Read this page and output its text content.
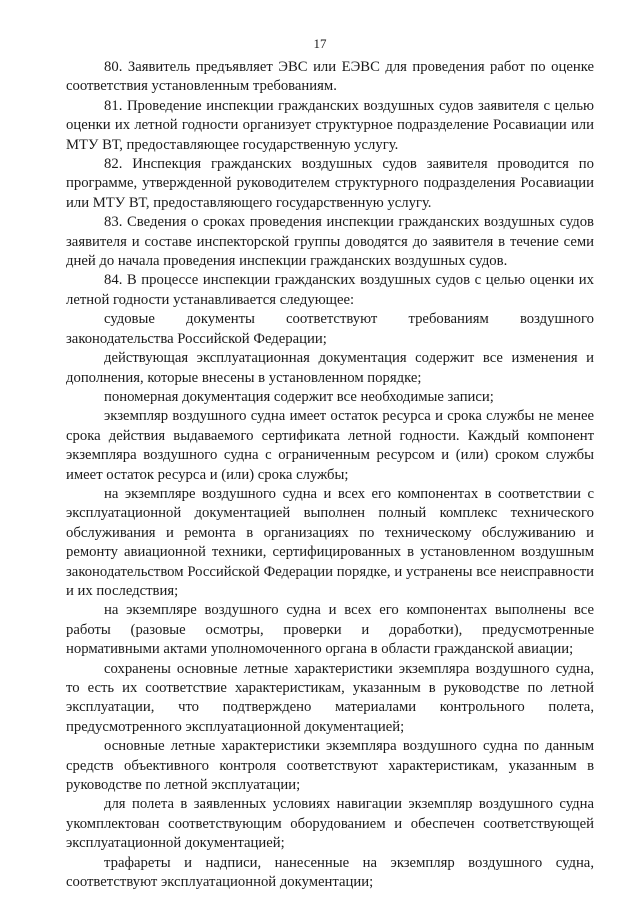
17

80. Заявитель предъявляет ЭВС или ЕЭВС для проведения работ по оценке соответствия установленным требованиям.

81. Проведение инспекции гражданских воздушных судов заявителя с целью оценки их летной годности организует структурное подразделение Росавиации или МТУ ВТ, предоставляющее государственную услугу.

82. Инспекция гражданских воздушных судов заявителя проводится по программе, утвержденной руководителем структурного подразделения Росавиации или МТУ ВТ, предоставляющего государственную услугу.

83. Сведения о сроках проведения инспекции гражданских воздушных судов заявителя и составе инспекторской группы доводятся до заявителя в течение семи дней до начала проведения инспекции гражданских воздушных судов.

84. В процессе инспекции гражданских воздушных судов с целью оценки их летной годности устанавливается следующее:

судовые документы соответствуют требованиям воздушного законодательства Российской Федерации;

действующая эксплуатационная документация содержит все изменения и дополнения, которые внесены в установленном порядке;

пономерная документация содержит все необходимые записи;

экземпляр воздушного судна имеет остаток ресурса и срока службы не менее срока действия выдаваемого сертификата летной годности. Каждый компонент экземпляра воздушного судна с ограниченным ресурсом и (или) сроком службы имеет остаток ресурса и (или) срока службы;

на экземпляре воздушного судна и всех его компонентах в соответствии с эксплуатационной документацией выполнен полный комплекс технического обслуживания и ремонта в организациях по техническому обслуживанию и ремонту авиационной техники, сертифицированных в установленном воздушным законодательством Российской Федерации порядке, и устранены все неисправности и их последствия;

на экземпляре воздушного судна и всех его компонентах выполнены все работы (разовые осмотры, проверки и доработки), предусмотренные нормативными актами уполномоченного органа в области гражданской авиации;

сохранены основные летные характеристики экземпляра воздушного судна, то есть их соответствие характеристикам, указанным в руководстве по летной эксплуатации, что подтверждено материалами контрольного полета, предусмотренного эксплуатационной документацией;

основные летные характеристики экземпляра воздушного судна по данным средств объективного контроля соответствуют характеристикам, указанным в руководстве по летной эксплуатации;

для полета в заявленных условиях навигации экземпляр воздушного судна укомплектован соответствующим оборудованием и обеспечен соответствующей эксплуатационной документацией;

трафареты и надписи, нанесенные на экземпляр воздушного судна, соответствуют эксплуатационной документации;
